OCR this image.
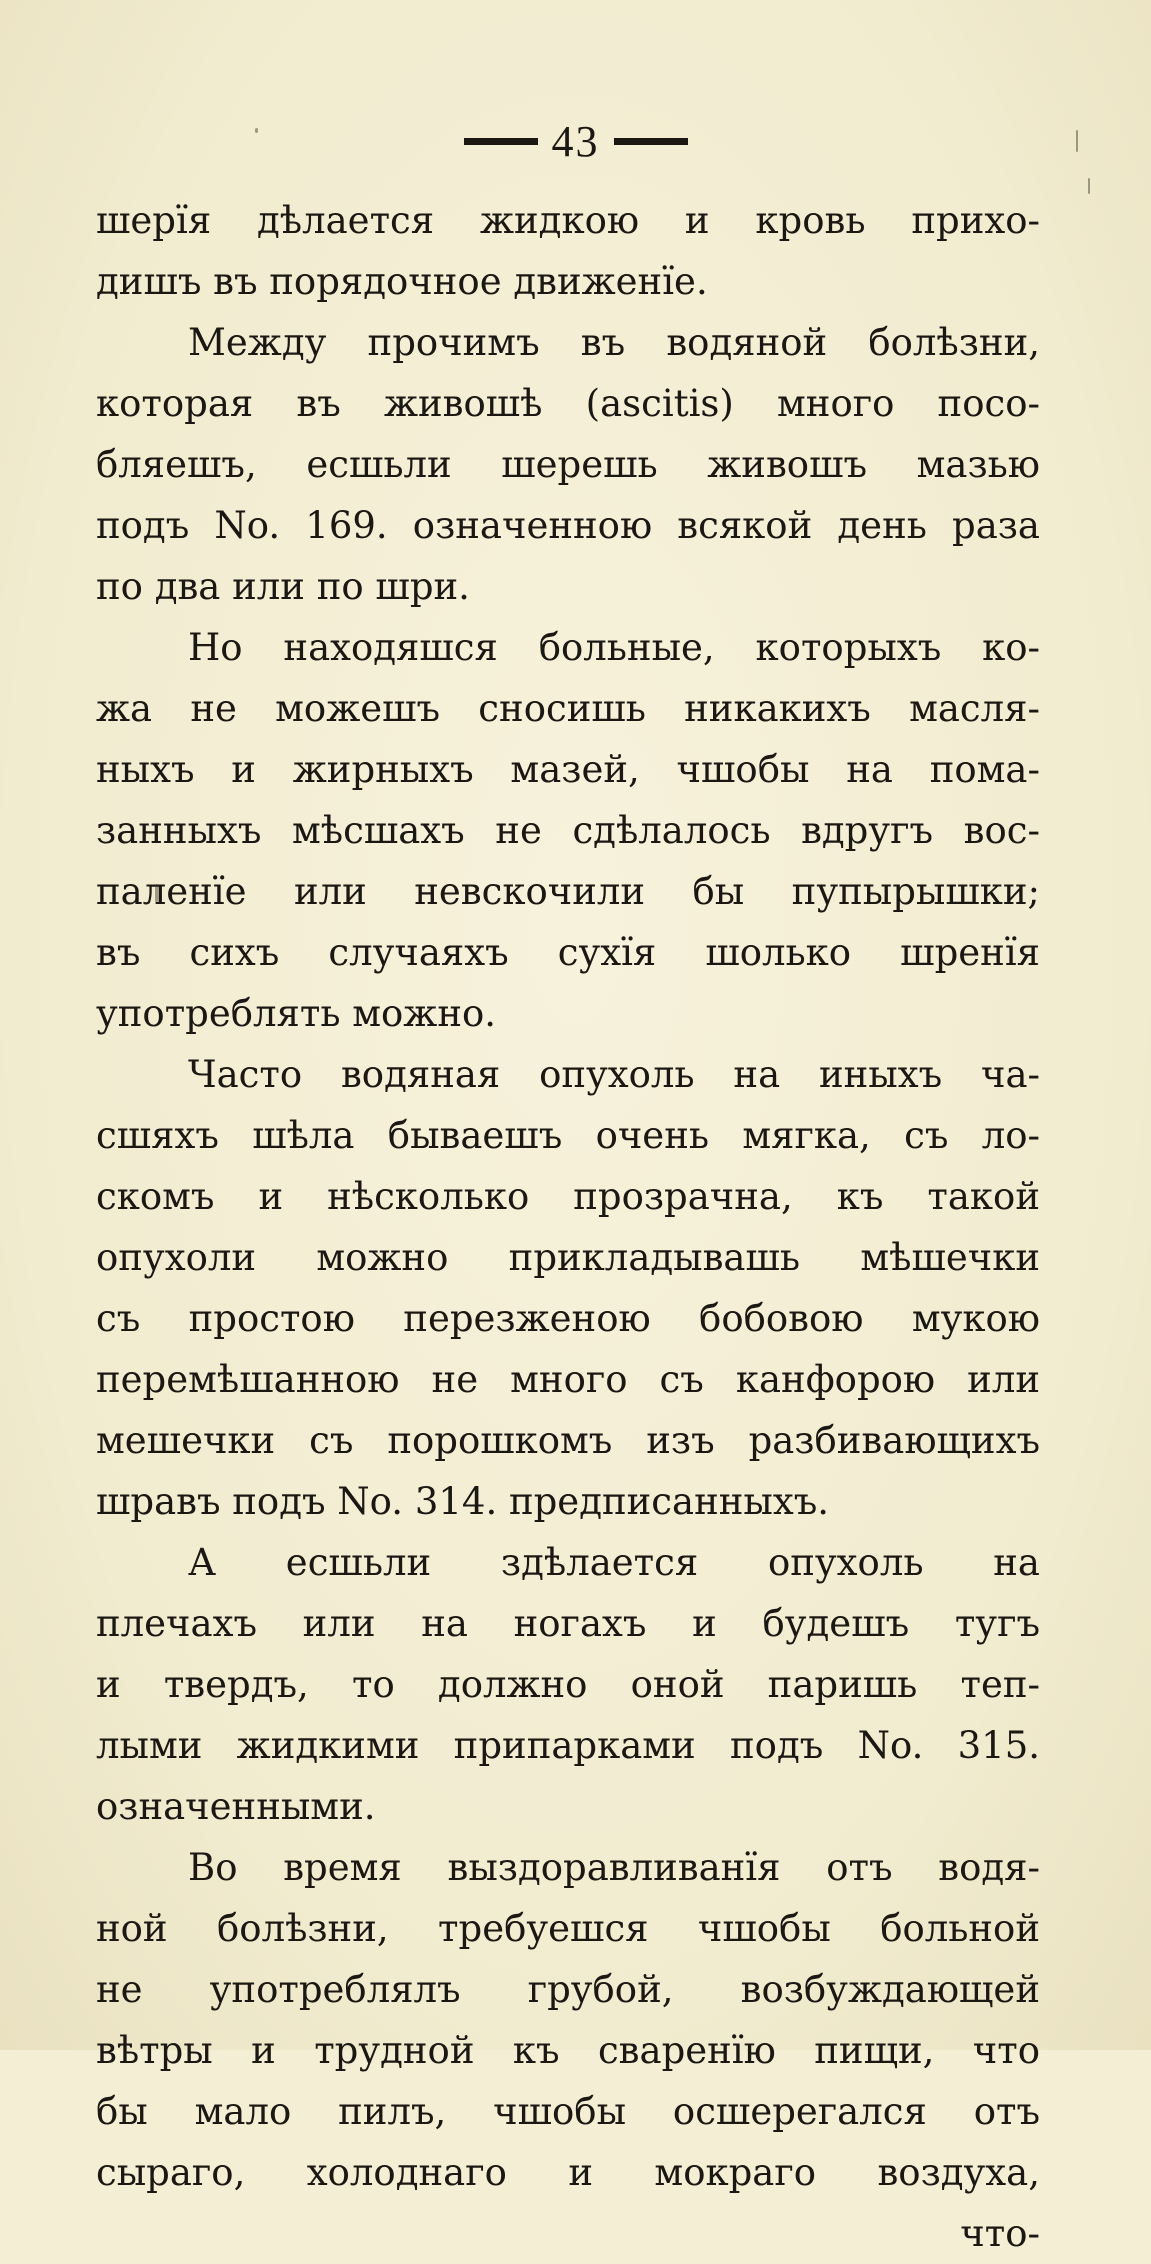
43
шерїя дѣлается жидкою и кровь прихо-
дишъ въ порядочное движенїе.
Между прочимъ въ водяной болѣзни,
которая въ живошѣ (ascitis) много посо-
бляешъ, есшьли шерешь живошъ мазью
подъ No. 169. означенною всякой день раза
по два или по шри.
Но находяшся больные, которыхъ ко-
жа не можешъ сносишь никакихъ масля-
ныхъ и жирныхъ мазей, чшобы на пома-
занныхъ мѣсшахъ не сдѣлалось вдругъ вос-
паленїе или невскочили бы пупырышки;
въ сихъ случаяхъ сухїя шолько шренїя
употреблять можно.
Часто водяная опухоль на иныхъ ча-
сшяхъ шѣла бываешъ очень мягка, съ ло-
скомъ и нѣсколько прозрачна, къ такой
опухоли можно прикладывашь мѣшечки
съ простою перезженою бобовою мукою
перемѣшанною не много съ канфорою или
мешечки съ порошкомъ изъ разбивающихъ
шравъ подъ No. 314. предписанныхъ.
А есшьли здѣлается опухоль на
плечахъ или на ногахъ и будешъ тугъ
и твердъ, то должно оной паришь теп-
лыми жидкими припарками подъ No. 315.
означенными.
Во время выздоравливанїя отъ водя-
ной болѣзни, требуешся чшобы больной
не употреблялъ грубой, возбуждающей
вѣтры и трудной къ сваренїю пищи, что
бы мало пилъ, чшобы осшерегался отъ
сыраго, холоднаго и мокраго воздуха,
что-
